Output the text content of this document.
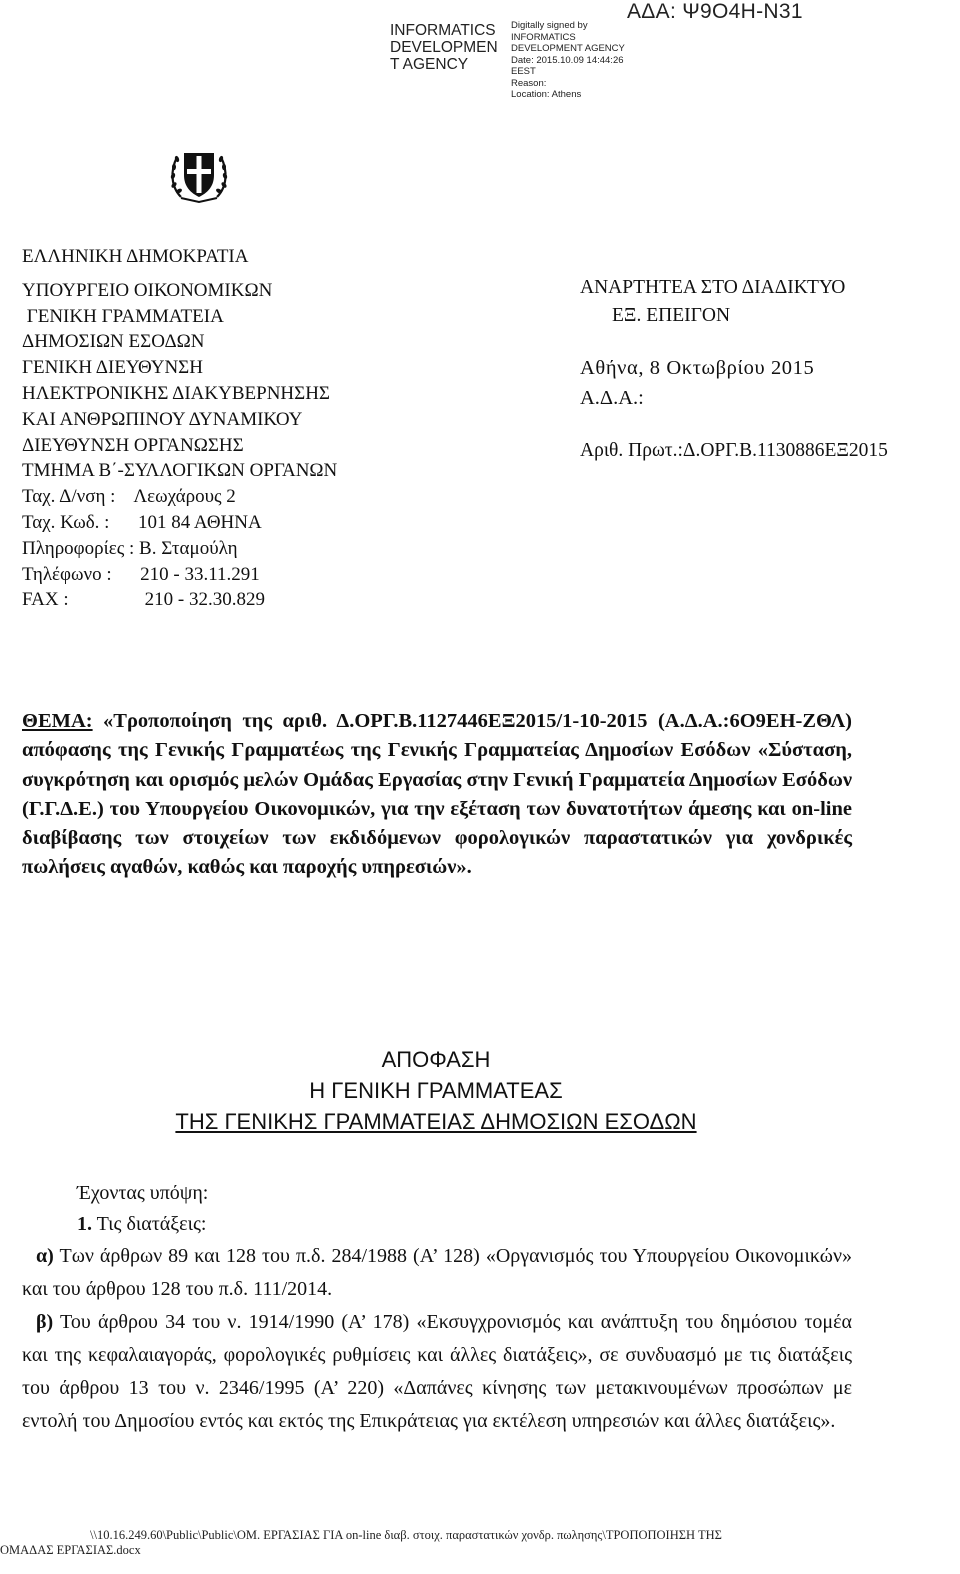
INFORMATICS
DEVELOPMEN
T AGENCY
Digitally signed by
INFORMATICS
DEVELOPMENT AGENCY
Date: 2015.10.09 14:44:26
EEST
Reason:
Location: Athens
ΑΔΑ: Ψ9Ο4Η-Ν31
ΕΛΛΗΝΙΚΗ ΔΗΜΟΚΡΑΤΙΑ
ΥΠΟΥΡΓΕΙΟ ΟΙΚΟΝΟΜΙΚΩΝ
ΓΕΝΙΚΗ ΓΡΑΜΜΑΤΕΙΑ
ΔΗΜΟΣΙΩΝ ΕΣΟΔΩΝ
ΓΕΝΙΚΗ ΔΙΕΥΘΥΝΣΗ
ΗΛΕΚΤΡΟΝΙΚΗΣ ΔΙΑΚΥΒΕΡΝΗΣΗΣ
ΚΑΙ ΑΝΘΡΩΠΙΝΟΥ ΔΥΝΑΜΙΚΟΥ
ΔΙΕΥΘΥΝΣΗ ΟΡΓΑΝΩΣΗΣ
ΤΜΗΜΑ Β΄-ΣΥΛΛΟΓΙΚΩΝ ΟΡΓΑΝΩΝ
Ταχ. Δ/νση :    Λεωχάρους 2
Ταχ. Κωδ. :      101 84 ΑΘΗΝΑ
Πληροφορίες : Β. Σταμούλη
Τηλέφωνο :      210 - 33.11.291
FAX :                210 - 32.30.829
ΑΝΑΡΤΗΤΕΑ ΣΤΟ ΔΙΑΔΙΚΤΥΟ
ΕΞ. ΕΠΕΙΓΟΝ
Αθήνα, 8 Οκτωβρίου 2015
Α.Δ.Α.:
Αριθ. Πρωτ.:Δ.ΟΡΓ.Β.1130886ΕΞ2015
ΘΕΜΑ: «Τροποποίηση της αριθ. Δ.ΟΡΓ.Β.1127446ΕΞ2015/1-10-2015 (Α.Δ.Α.:6Ο9ΕΗ-ΖΘΛ) απόφασης της Γενικής Γραμματέως της Γενικής Γραμματείας Δημοσίων Εσόδων «Σύσταση, συγκρότηση και ορισμός μελών Ομάδας Εργασίας στην Γενική Γραμματεία Δημοσίων Εσόδων (Γ.Γ.Δ.Ε.) του Υπουργείου Οικονομικών, για την εξέταση των δυνατοτήτων άμεσης και on-line διαβίβασης των στοιχείων των εκδιδόμενων φορολογικών παραστατικών για χονδρικές πωλήσεις αγαθών, καθώς και παροχής υπηρεσιών».
ΑΠΟΦΑΣΗ
Η ΓΕΝΙΚΗ ΓΡΑΜΜΑΤΕΑΣ
ΤΗΣ ΓΕΝΙΚΗΣ ΓΡΑΜΜΑΤΕΙΑΣ ΔΗΜΟΣΙΩΝ ΕΣΟΔΩΝ
Έχοντας υπόψη:
1. Τις διατάξεις:
α) Των άρθρων 89 και 128 του π.δ. 284/1988 (Α’ 128) «Οργανισμός του Υπουργείου Οικονομικών» και του άρθρου 128 του π.δ. 111/2014.
β) Του άρθρου 34 του ν. 1914/1990 (Α’ 178) «Εκσυγχρονισμός και ανάπτυξη του δημόσιου τομέα και της κεφαλαιαγοράς, φορολογικές ρυθμίσεις και άλλες διατάξεις», σε συνδυασμό με τις διατάξεις του άρθρου 13 του ν. 2346/1995 (Α’ 220) «Δαπάνες κίνησης των μετακινουμένων προσώπων με εντολή του Δημοσίου εντός και εκτός της Επικράτειας για εκτέλεση υπηρεσιών και άλλες διατάξεις».
\\10.16.249.60\Public\Public\ΟΜ. ΕΡΓΑΣΙΑΣ ΓΙΑ on-line διαβ. στοιχ. παραστατικών χονδρ. πωλησης\ΤΡΟΠΟΠΟΙΗΣΗ ΤΗΣ
ΟΜΑΔΑΣ ΕΡΓΑΣΙΑΣ.docx
